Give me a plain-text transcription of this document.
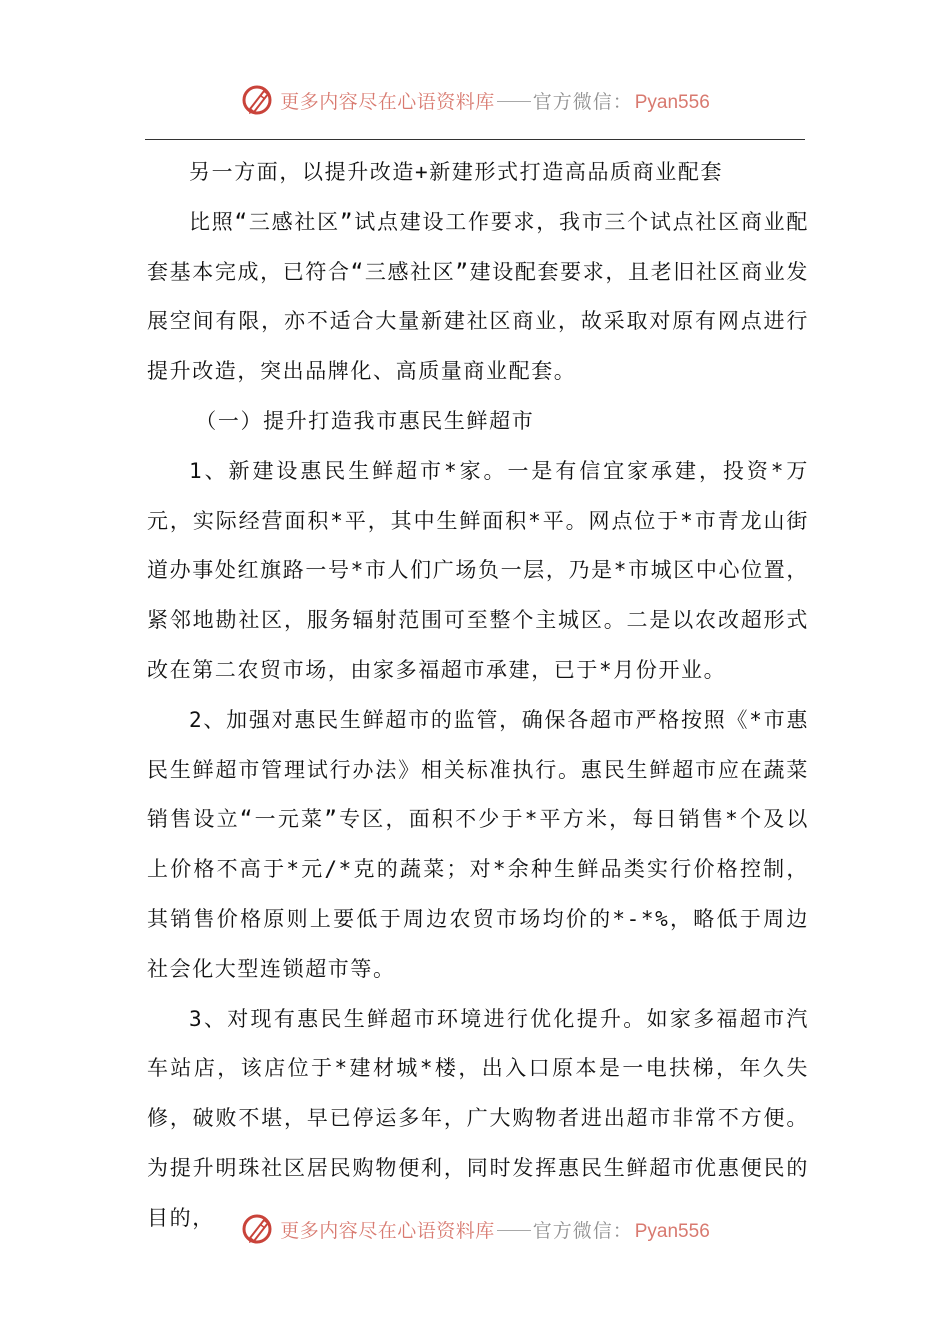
更多内容尽在心语资料库 官方微信： Pyan556

另一方面，以提升改造+新建形式打造高品质商业配套

比照“三感社区”试点建设工作要求，我市三个试点社区商业配套基本完成，已符合“三感社区”建设配套要求，且老旧社区商业发展空间有限，亦不适合大量新建社区商业，故采取对原有网点进行提升改造，突出品牌化、高质量商业配套。

（一）提升打造我市惠民生鲜超市

1、新建设惠民生鲜超市*家。一是有信宜家承建，投资*万元，实际经营面积*平，其中生鲜面积*平。网点位于*市青龙山街道办事处红旗路一号*市人们广场负一层，乃是*市城区中心位置，紧邻地勘社区，服务辐射范围可至整个主城区。二是以农改超形式改在第二农贸市场，由家多福超市承建，已于*月份开业。

2、加强对惠民生鲜超市的监管，确保各超市严格按照《*市惠民生鲜超市管理试行办法》相关标准执行。惠民生鲜超市应在蔬菜销售设立“一元菜”专区，面积不少于*平方米，每日销售*个及以上价格不高于*元/*克的蔬菜；对*余种生鲜品类实行价格控制，其销售价格原则上要低于周边农贸市场均价的*-*%，略低于周边社会化大型连锁超市等。

3、对现有惠民生鲜超市环境进行优化提升。如家多福超市汽车站店，该店位于*建材城*楼，出入口原本是一电扶梯，年久失修，破败不堪，早已停运多年，广大购物者进出超市非常不方便。为提升明珠社区居民购物便利，同时发挥惠民生鲜超市优惠便民的目的，

更多内容尽在心语资料库 官方微信： Pyan556
